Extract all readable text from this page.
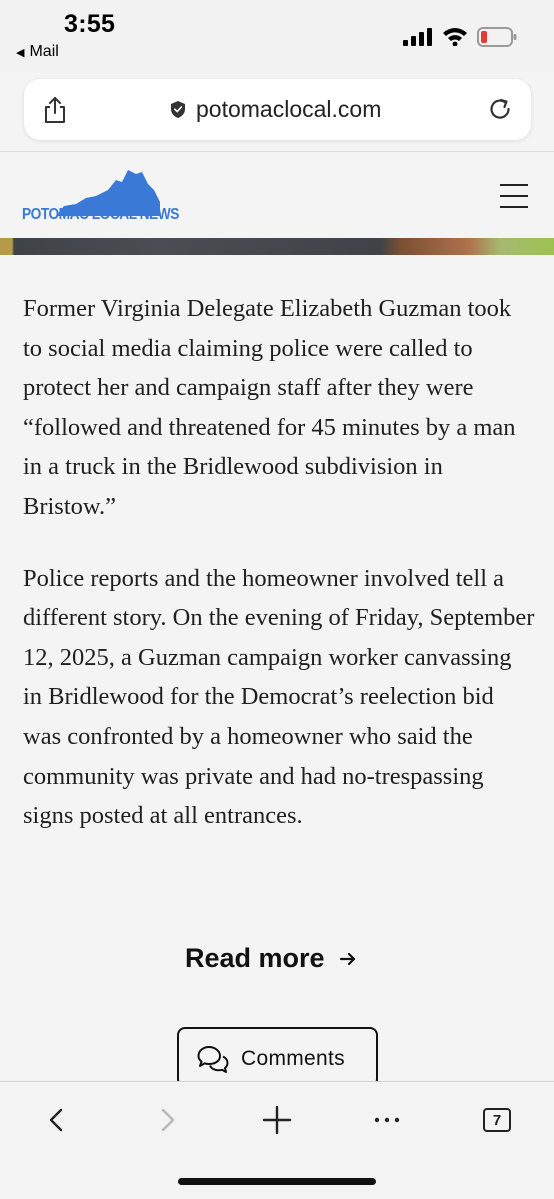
3:55
◀ Mail
potomaclocal.com
POTOMAC LOCAL NEWS

Former Virginia Delegate Elizabeth Guzman took to social media claiming police were called to protect her and campaign staff after they were “followed and threatened for 45 minutes by a man in a truck in the Bridlewood subdivision in Bristow.”

Police reports and the homeowner involved tell a different story. On the evening of Friday, September 12, 2025, a Guzman campaign worker canvassing in Bridlewood for the Democrat’s reelection bid was confronted by a homeowner who said the community was private and had no-trespassing signs posted at all entrances.

Read more
Comments
7
